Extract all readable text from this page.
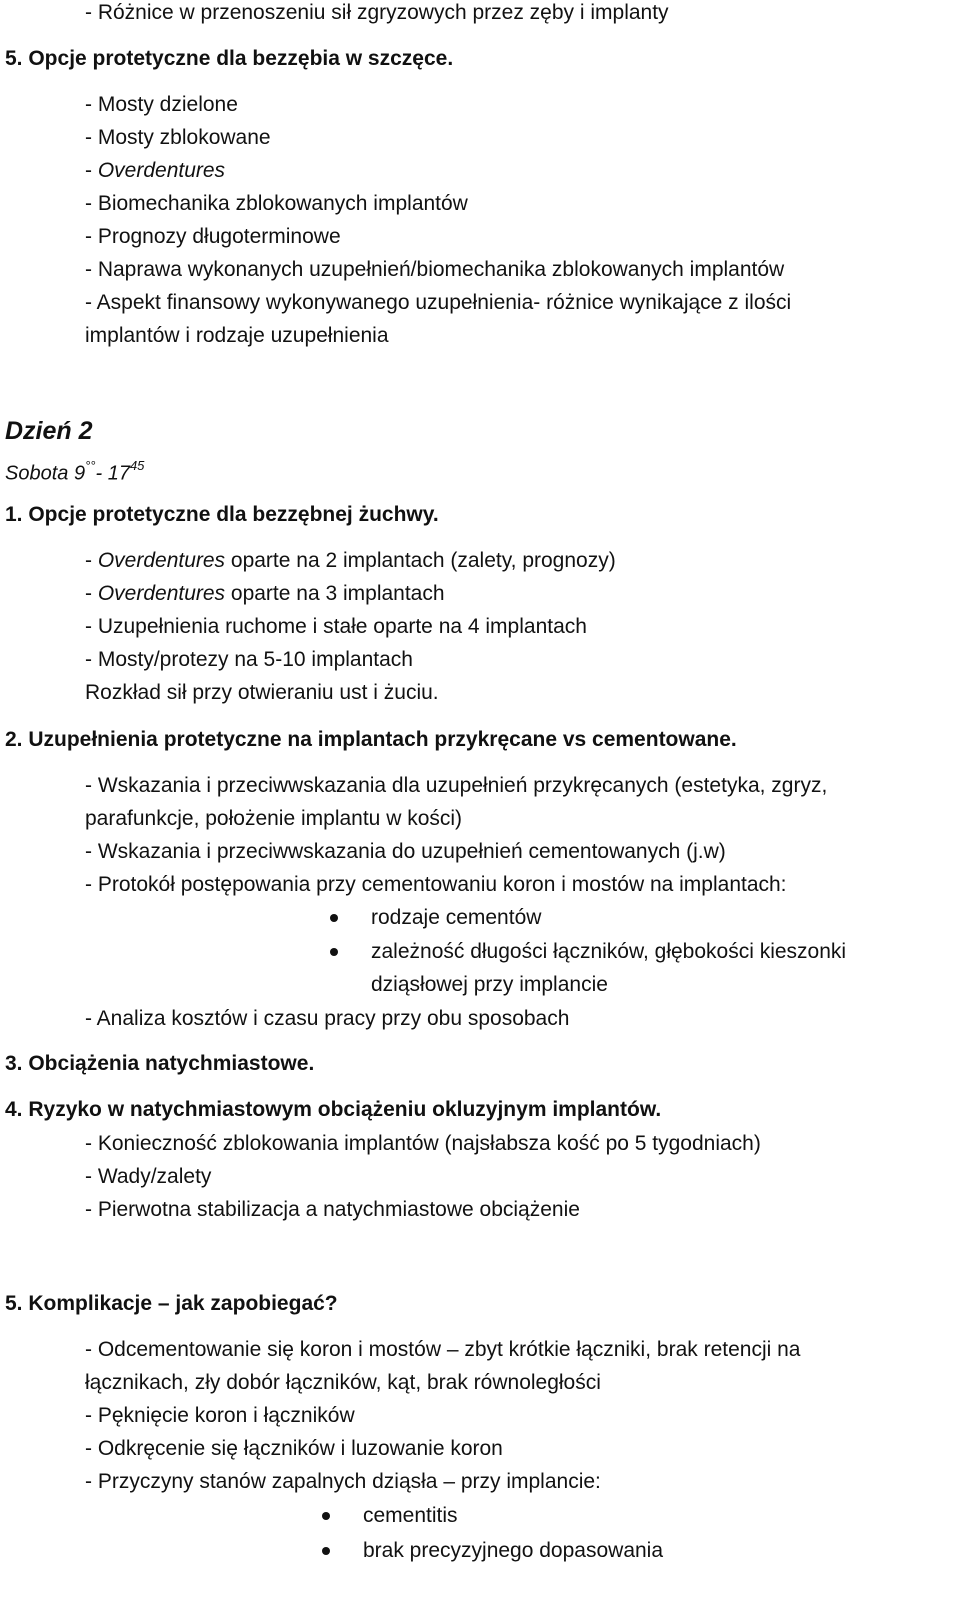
- Różnice w przenoszeniu sił zgryzowych przez zęby i implanty
5. Opcje protetyczne dla bezzębia w szczęce.
- Mosty dzielone
- Mosty zblokowane
- Overdentures
- Biomechanika zblokowanych implantów
- Prognozy długoterminowe
- Naprawa wykonanych uzupełnień/biomechanika zblokowanych implantów
- Aspekt finansowy wykonywanego uzupełnienia- różnice wynikające z ilości
implantów i rodzaje uzupełnienia
Dzień 2
Sobota 9°°- $17^{45}$
1. Opcje protetyczne dla bezzębnej żuchwy.
- Overdentures oparte na 2 implantach (zalety, prognozy)
- Overdentures oparte na 3 implantach
- Uzupełnienia ruchome i stałe oparte na 4 implantach
- Mosty/protezy na 5-10 implantach
Rozkład sił przy otwieraniu ust i żuciu.
2. Uzupełnienia protetyczne na implantach przykręcane vs cementowane.
- Wskazania i przeciwwskazania dla uzupełnień przykręcanych (estetyka, zgryz,
parafunkcje, położenie implantu w kości)
- Wskazania i przeciwwskazania do uzupełnień cementowanych (j.w)
- Protokół postępowania przy cementowaniu koron i mostów na implantach:
rodzaje cementów
zależność długości łączników, głębokości kieszonki
dziąsłowej przy implancie
- Analiza kosztów i czasu pracy przy obu sposobach
3. Obciążenia natychmiastowe.
4. Ryzyko w natychmiastowym obciążeniu okluzyjnym implantów.
- Konieczność zblokowania implantów (najsłabsza kość po 5 tygodniach)
- Wady/zalety
- Pierwotna stabilizacja a natychmiastowe obciążenie
5. Komplikacje – jak zapobiegać?
- Odcementowanie się koron i mostów – zbyt krótkie łączniki, brak retencji na
łącznikach, zły dobór łączników, kąt, brak równoległości
- Pęknięcie koron i łączników
- Odkręcenie się łączników i luzowanie koron
- Przyczyny stanów zapalnych dziąsła – przy implancie:
cementitis
brak precyzyjnego dopasowania
